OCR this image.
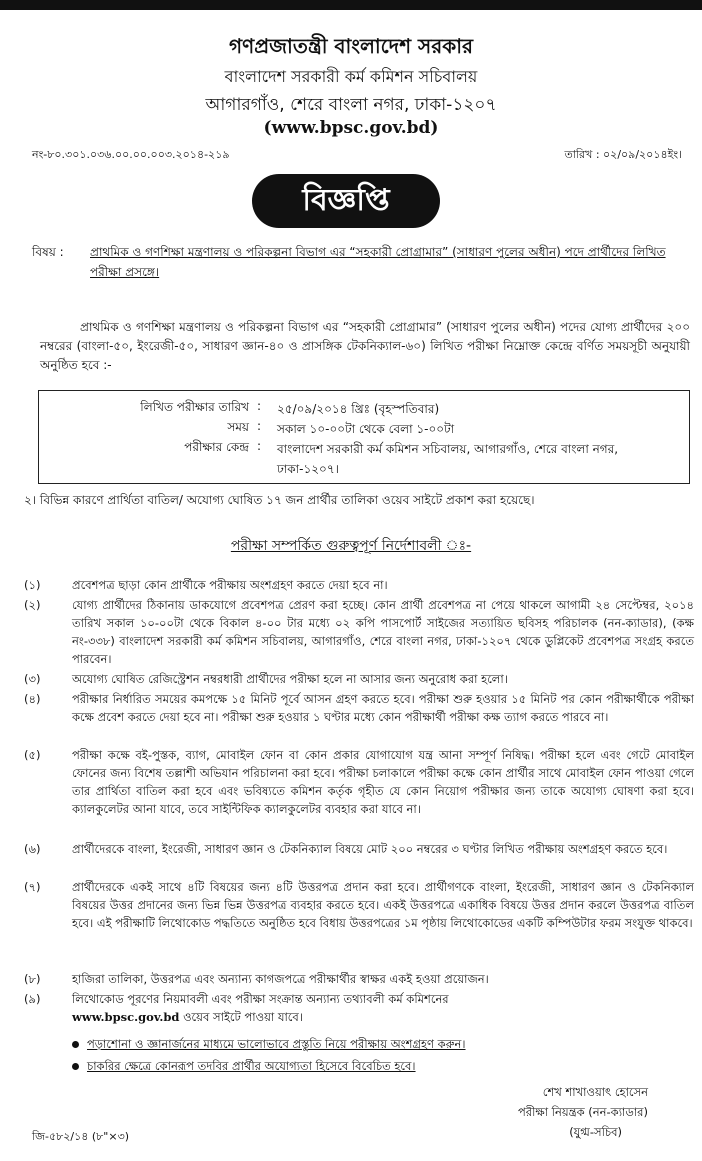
গণপ্রজাতন্ত্রী বাংলাদেশ সরকার
বাংলাদেশ সরকারী কর্ম কমিশন সচিবালয়
আগারগাঁও, শেরে বাংলা নগর, ঢাকা-১২০৭
(www.bpsc.gov.bd)
নং-৮০.৩০১.০৩৬.০০.০০.০০৩.২০১৪-২১৯	তারিখ : ০২/০৯/২০১৪ইং।
বিজ্ঞপ্তি
বিষয় : প্রাথমিক ও গণশিক্ষা মন্ত্রণালয় ও পরিকল্পনা বিভাগ এর “সহকারী প্রোগ্রামার” (সাধারণ পুলের অধীন) পদে প্রার্থীদের লিখিত পরীক্ষা প্রসঙ্গে।
প্রাথমিক ও গণশিক্ষা মন্ত্রণালয় ও পরিকল্পনা বিভাগ এর “সহকারী প্রোগ্রামার” (সাধারণ পুলের অধীন) পদের যোগ্য প্রার্থীদের ২০০ নম্বরের (বাংলা-৫০, ইংরেজী-৫০, সাধারণ জ্ঞান-৪০ ও প্রাসঙ্গিক টেকনিক্যাল-৬০) লিখিত পরীক্ষা নিম্নোক্ত কেন্দ্রে বর্ণিত সময়সূচী অনুযায়ী অনুষ্ঠিত হবে :-
লিখিত পরীক্ষার তারিখ : ২৫/০৯/২০১৪ খ্রিঃ (বৃহস্পতিবার)
সময় : সকাল ১০-০০টা থেকে বেলা ১-০০টা
পরীক্ষার কেন্দ্র : বাংলাদেশ সরকারী কর্ম কমিশন সচিবালয়, আগারগাঁও, শেরে বাংলা নগর, ঢাকা-১২০৭।
২। বিভিন্ন কারণে প্রার্থিতা বাতিল/ অযোগ্য ঘোষিত ১৭ জন প্রার্থীর তালিকা ওয়েব সাইটে প্রকাশ করা হয়েছে।
পরীক্ষা সম্পর্কিত গুরুত্বপূর্ণ নির্দেশাবলী ঃ-
(১)	প্রবেশপত্র ছাড়া কোন প্রার্থীকে পরীক্ষায় অংশগ্রহণ করতে দেয়া হবে না।
(২)	যোগ্য প্রার্থীদের ঠিকানায় ডাকযোগে প্রবেশপত্র প্রেরণ করা হচ্ছে। কোন প্রার্থী প্রবেশপত্র না পেয়ে থাকলে আগামী ২৪ সেপ্টেম্বর, ২০১৪ তারিখ সকাল ১০-০০টা থেকে বিকাল ৪-০০ টার মধ্যে ০২ কপি পাসপোর্ট সাইজের সত্যায়িত ছবিসহ পরিচালক (নন-ক্যাডার), (কক্ষ নং-৩৩৮) বাংলাদেশ সরকারী কর্ম কমিশন সচিবালয়, আগারগাঁও, শেরে বাংলা নগর, ঢাকা-১২০৭ থেকে ডুপ্লিকেট প্রবেশপত্র সংগ্রহ করতে পারবেন।
(৩)	অযোগ্য ঘোষিত রেজিস্ট্রেশন নম্বরধারী প্রার্থীদের পরীক্ষা হলে না আসার জন্য অনুরোধ করা হলো।
(৪)	পরীক্ষার নির্ধারিত সময়ের কমপক্ষে ১৫ মিনিট পূর্বে আসন গ্রহণ করতে হবে। পরীক্ষা শুরু হওয়ার ১৫ মিনিট পর কোন পরীক্ষার্থীকে পরীক্ষা কক্ষে প্রবেশ করতে দেয়া হবে না। পরীক্ষা শুরু হওয়ার ১ ঘণ্টার মধ্যে কোন পরীক্ষার্থী পরীক্ষা কক্ষ ত্যাগ করতে পারবে না।
(৫)	পরীক্ষা কক্ষে বই-পুস্তক, ব্যাগ, মোবাইল ফোন বা কোন প্রকার যোগাযোগ যন্ত্র আনা সম্পূর্ণ নিষিদ্ধ। পরীক্ষা হলে এবং গেটে মোবাইল ফোনের জন্য বিশেষ তল্লাশী অভিযান পরিচালনা করা হবে। পরীক্ষা চলাকালে পরীক্ষা কক্ষে কোন প্রার্থীর সাথে মোবাইল ফোন পাওয়া গেলে তার প্রার্থিতা বাতিল করা হবে এবং ভবিষ্যতে কমিশন কর্তৃক গৃহীত যে কোন নিয়োগ পরীক্ষার জন্য তাকে অযোগ্য ঘোষণা করা হবে। ক্যালকুলেটর আনা যাবে, তবে সাইন্টিফিক ক্যালকুলেটর ব্যবহার করা যাবে না।
(৬)	প্রার্থীদেরকে বাংলা, ইংরেজী, সাধারণ জ্ঞান ও টেকনিক্যাল বিষয়ে মোট ২০০ নম্বরের ৩ ঘণ্টার লিখিত পরীক্ষায় অংশগ্রহণ করতে হবে।
(৭)	প্রার্থীদেরকে একই সাথে ৪টি বিষয়ের জন্য ৪টি উত্তরপত্র প্রদান করা হবে। প্রার্থীগণকে বাংলা, ইংরেজী, সাধারণ জ্ঞান ও টেকনিক্যাল বিষয়ের উত্তর প্রদানের জন্য ভিন্ন ভিন্ন উত্তরপত্র ব্যবহার করতে হবে। একই উত্তরপত্রে একাধিক বিষয়ে উত্তর প্রদান করলে উত্তরপত্র বাতিল হবে। এই পরীক্ষাটি লিথোকোড পদ্ধতিতে অনুষ্ঠিত হবে বিধায় উত্তরপত্রের ১ম পৃষ্ঠায় লিথোকোডের একটি কম্পিউটার ফরম সংযুক্ত থাকবে।
(৮)	হাজিরা তালিকা, উত্তরপত্র এবং অন্যান্য কাগজপত্রে পরীক্ষার্থীর স্বাক্ষর একই হওয়া প্রয়োজন।
(৯)	লিথোকোড পূরণের নিয়মাবলী এবং পরীক্ষা সংক্রান্ত অন্যান্য তথ্যাবলী কর্ম কমিশনের
www.bpsc.gov.bd ওয়েব সাইটে পাওয়া যাবে।
পড়াশোনা ও জ্ঞানার্জনের মাধ্যমে ভালোভাবে প্রস্তুতি নিয়ে পরীক্ষায় অংশগ্রহণ করুন।
চাকরির ক্ষেত্রে কোনরূপ তদবির প্রার্থীর অযোগ্যতা হিসেবে বিবেচিত হবে।
শেখ শাখাওয়াৎ হোসেন
পরীক্ষা নিয়ন্ত্রক (নন-ক্যাডার)
(যুগ্ম-সচিব)
জি-৫৮২/১৪ (৮"×৩)
